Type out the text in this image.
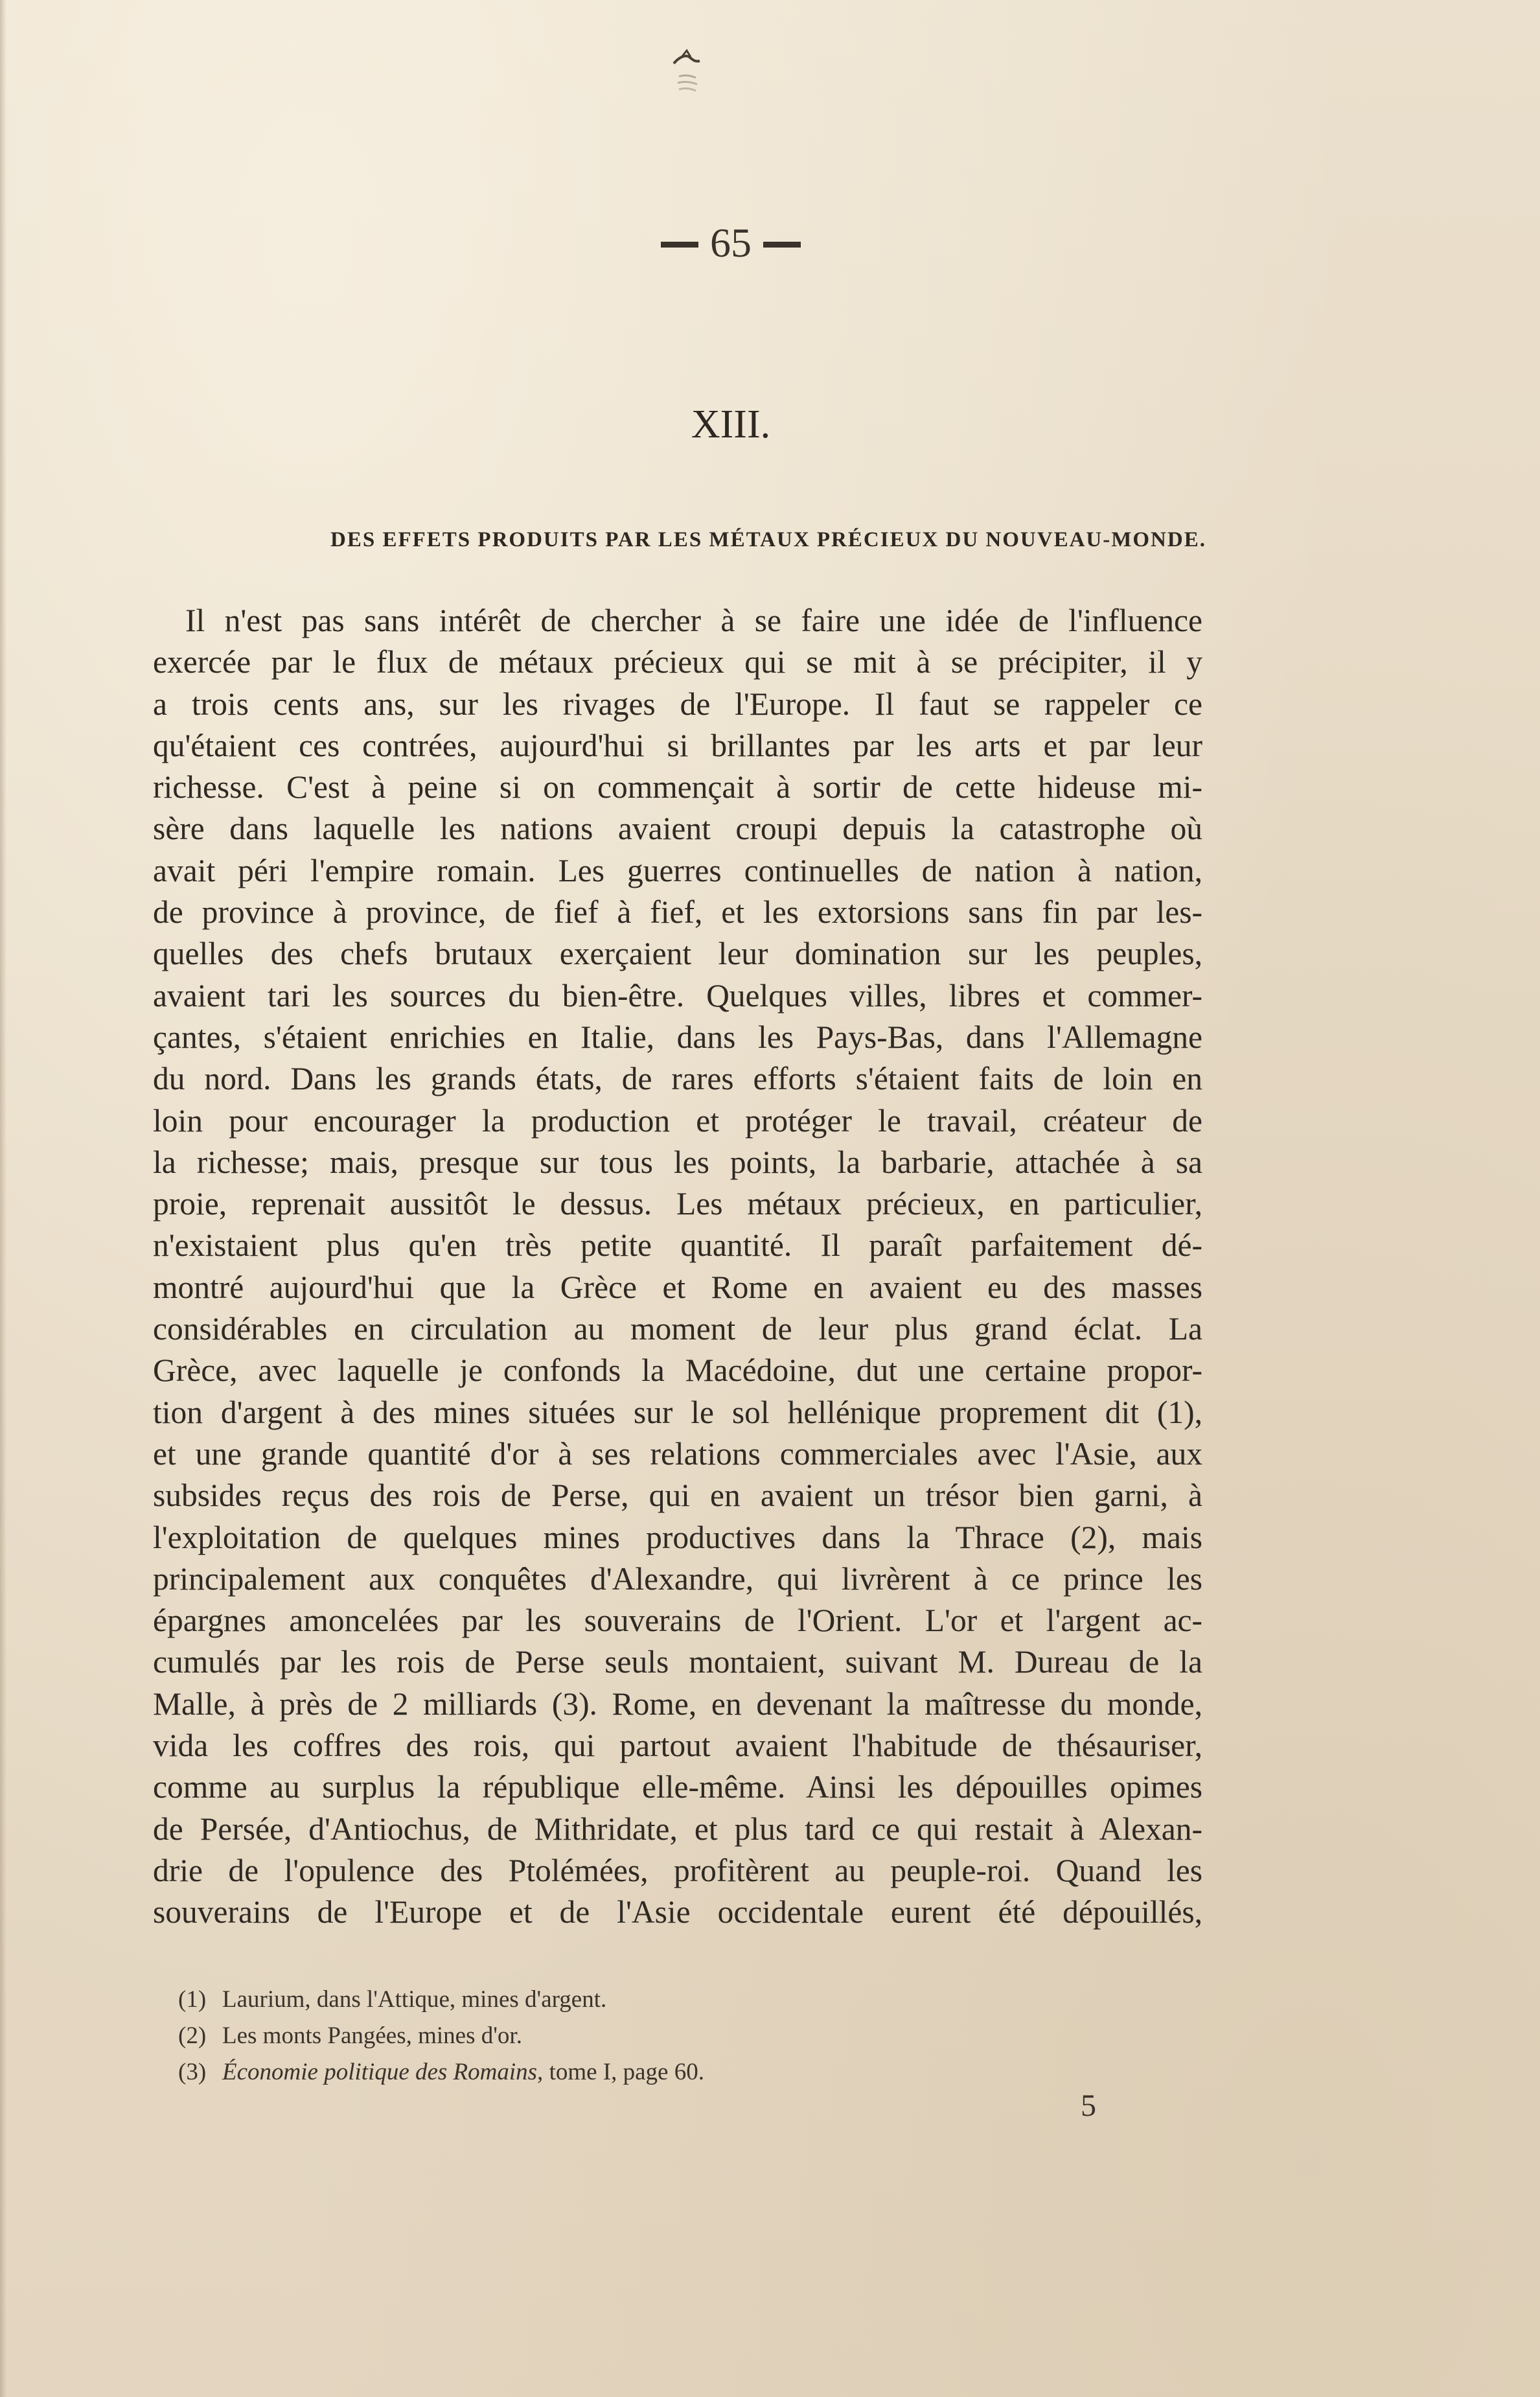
65
XIII.
DES EFFETS PRODUITS PAR LES MÉTAUX PRÉCIEUX DU NOUVEAU-MONDE.
Il n'est pas sans intérêt de chercher à se faire une idée de l'influence
exercée par le flux de métaux précieux qui se mit à se précipiter, il y
a trois cents ans, sur les rivages de l'Europe. Il faut se rappeler ce
qu'étaient ces contrées, aujourd'hui si brillantes par les arts et par leur
richesse. C'est à peine si on commençait à sortir de cette hideuse mi-
sère dans laquelle les nations avaient croupi depuis la catastrophe où
avait péri l'empire romain. Les guerres continuelles de nation à nation,
de province à province, de fief à fief, et les extorsions sans fin par les-
quelles des chefs brutaux exerçaient leur domination sur les peuples,
avaient tari les sources du bien-être. Quelques villes, libres et commer-
çantes, s'étaient enrichies en Italie, dans les Pays-Bas, dans l'Allemagne
du nord. Dans les grands états, de rares efforts s'étaient faits de loin en
loin pour encourager la production et protéger le travail, créateur de
la richesse; mais, presque sur tous les points, la barbarie, attachée à sa
proie, reprenait aussitôt le dessus. Les métaux précieux, en particulier,
n'existaient plus qu'en très petite quantité. Il paraît parfaitement dé-
montré aujourd'hui que la Grèce et Rome en avaient eu des masses
considérables en circulation au moment de leur plus grand éclat. La
Grèce, avec laquelle je confonds la Macédoine, dut une certaine propor-
tion d'argent à des mines situées sur le sol hellénique proprement dit (1),
et une grande quantité d'or à ses relations commerciales avec l'Asie, aux
subsides reçus des rois de Perse, qui en avaient un trésor bien garni, à
l'exploitation de quelques mines productives dans la Thrace (2), mais
principalement aux conquêtes d'Alexandre, qui livrèrent à ce prince les
épargnes amoncelées par les souverains de l'Orient. L'or et l'argent ac-
cumulés par les rois de Perse seuls montaient, suivant M. Dureau de la
Malle, à près de 2 milliards (3). Rome, en devenant la maîtresse du monde,
vida les coffres des rois, qui partout avaient l'habitude de thésauriser,
comme au surplus la république elle-même. Ainsi les dépouilles opimes
de Persée, d'Antiochus, de Mithridate, et plus tard ce qui restait à Alexan-
drie de l'opulence des Ptolémées, profitèrent au peuple-roi. Quand les
souverains de l'Europe et de l'Asie occidentale eurent été dépouillés,
(1) Laurium, dans l'Attique, mines d'argent.
(2) Les monts Pangées, mines d'or.
(3) Économie politique des Romains, tome I, page 60.
5
